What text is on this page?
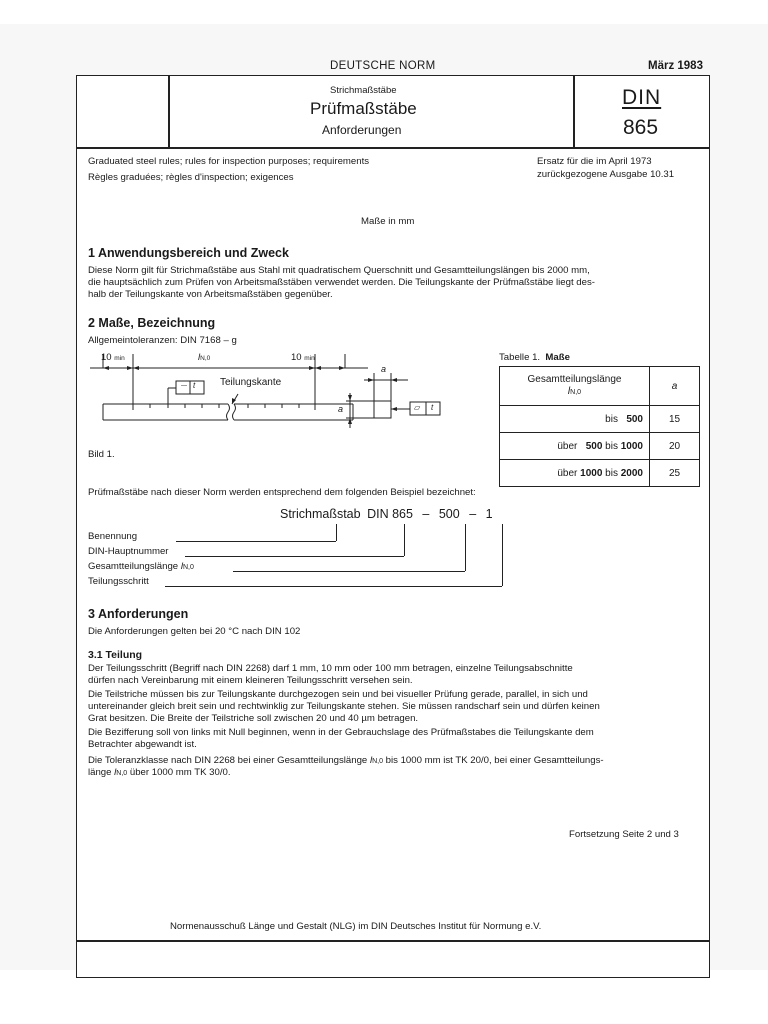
DEUTSCHE NORM	März 1983
Strichmaßstäbe
Prüfmaßstäbe
Anforderungen
DIN
865
Graduated steel rules; rules for inspection purposes; requirements
Règles graduées; règles d'inspection; exigences
Ersatz für die im April 1973
zurückgezogene Ausgabe 10.31
Maße in mm
1 Anwendungsbereich und Zweck
Diese Norm gilt für Strichmaßstäbe aus Stahl mit quadratischem Querschnitt und Gesamtteilungslängen bis 2000 mm,
die hauptsächlich zum Prüfen von Arbeitsmaßstäben verwendet werden. Die Teilungskante der Prüfmaßstäbe liegt des-
halb der Teilungskante von Arbeitsmaßstäben gegenüber.
2 Maße, Bezeichnung
Allgemeintoleranzen: DIN 7168 – g
10 min	lN,0	10 min
— t Teilungskante
a
a	▱ t
Bild 1.
Tabelle 1. Maße
Gesamtteilungslänge
lN,0	a
bis 500	15
über 500 bis 1000	20
über 1000 bis 2000	25
Prüfmaßstäbe nach dieser Norm werden entsprechend dem folgenden Beispiel bezeichnet:
Strichmaßstab DIN 865 – 500 – 1
Benennung
DIN-Hauptnummer
Gesamtteilungslänge lN,0
Teilungsschritt
3 Anforderungen
Die Anforderungen gelten bei 20 °C nach DIN 102
3.1 Teilung
Der Teilungsschritt (Begriff nach DIN 2268) darf 1 mm, 10 mm oder 100 mm betragen, einzelne Teilungsabschnitte
dürfen nach Vereinbarung mit einem kleineren Teilungsschritt versehen sein.
Die Teilstriche müssen bis zur Teilungskante durchgezogen sein und bei visueller Prüfung gerade, parallel, in sich und
untereinander gleich breit sein und rechtwinklig zur Teilungskante stehen. Sie müssen randscharf sein und dürfen keinen
Grat besitzen. Die Breite der Teilstriche soll zwischen 20 und 40 µm betragen.
Die Bezifferung soll von links mit Null beginnen, wenn in der Gebrauchslage des Prüfmaßstabes die Teilungskante dem
Betrachter abgewandt ist.
Die Toleranzklasse nach DIN 2268 bei einer Gesamtteilungslänge lN,0 bis 1000 mm ist TK 20/0, bei einer Gesamtteilungs-
länge lN,0 über 1000 mm TK 30/0.
Fortsetzung Seite 2 und 3
Normenausschuß Länge und Gestalt (NLG) im DIN Deutsches Institut für Normung e.V.
